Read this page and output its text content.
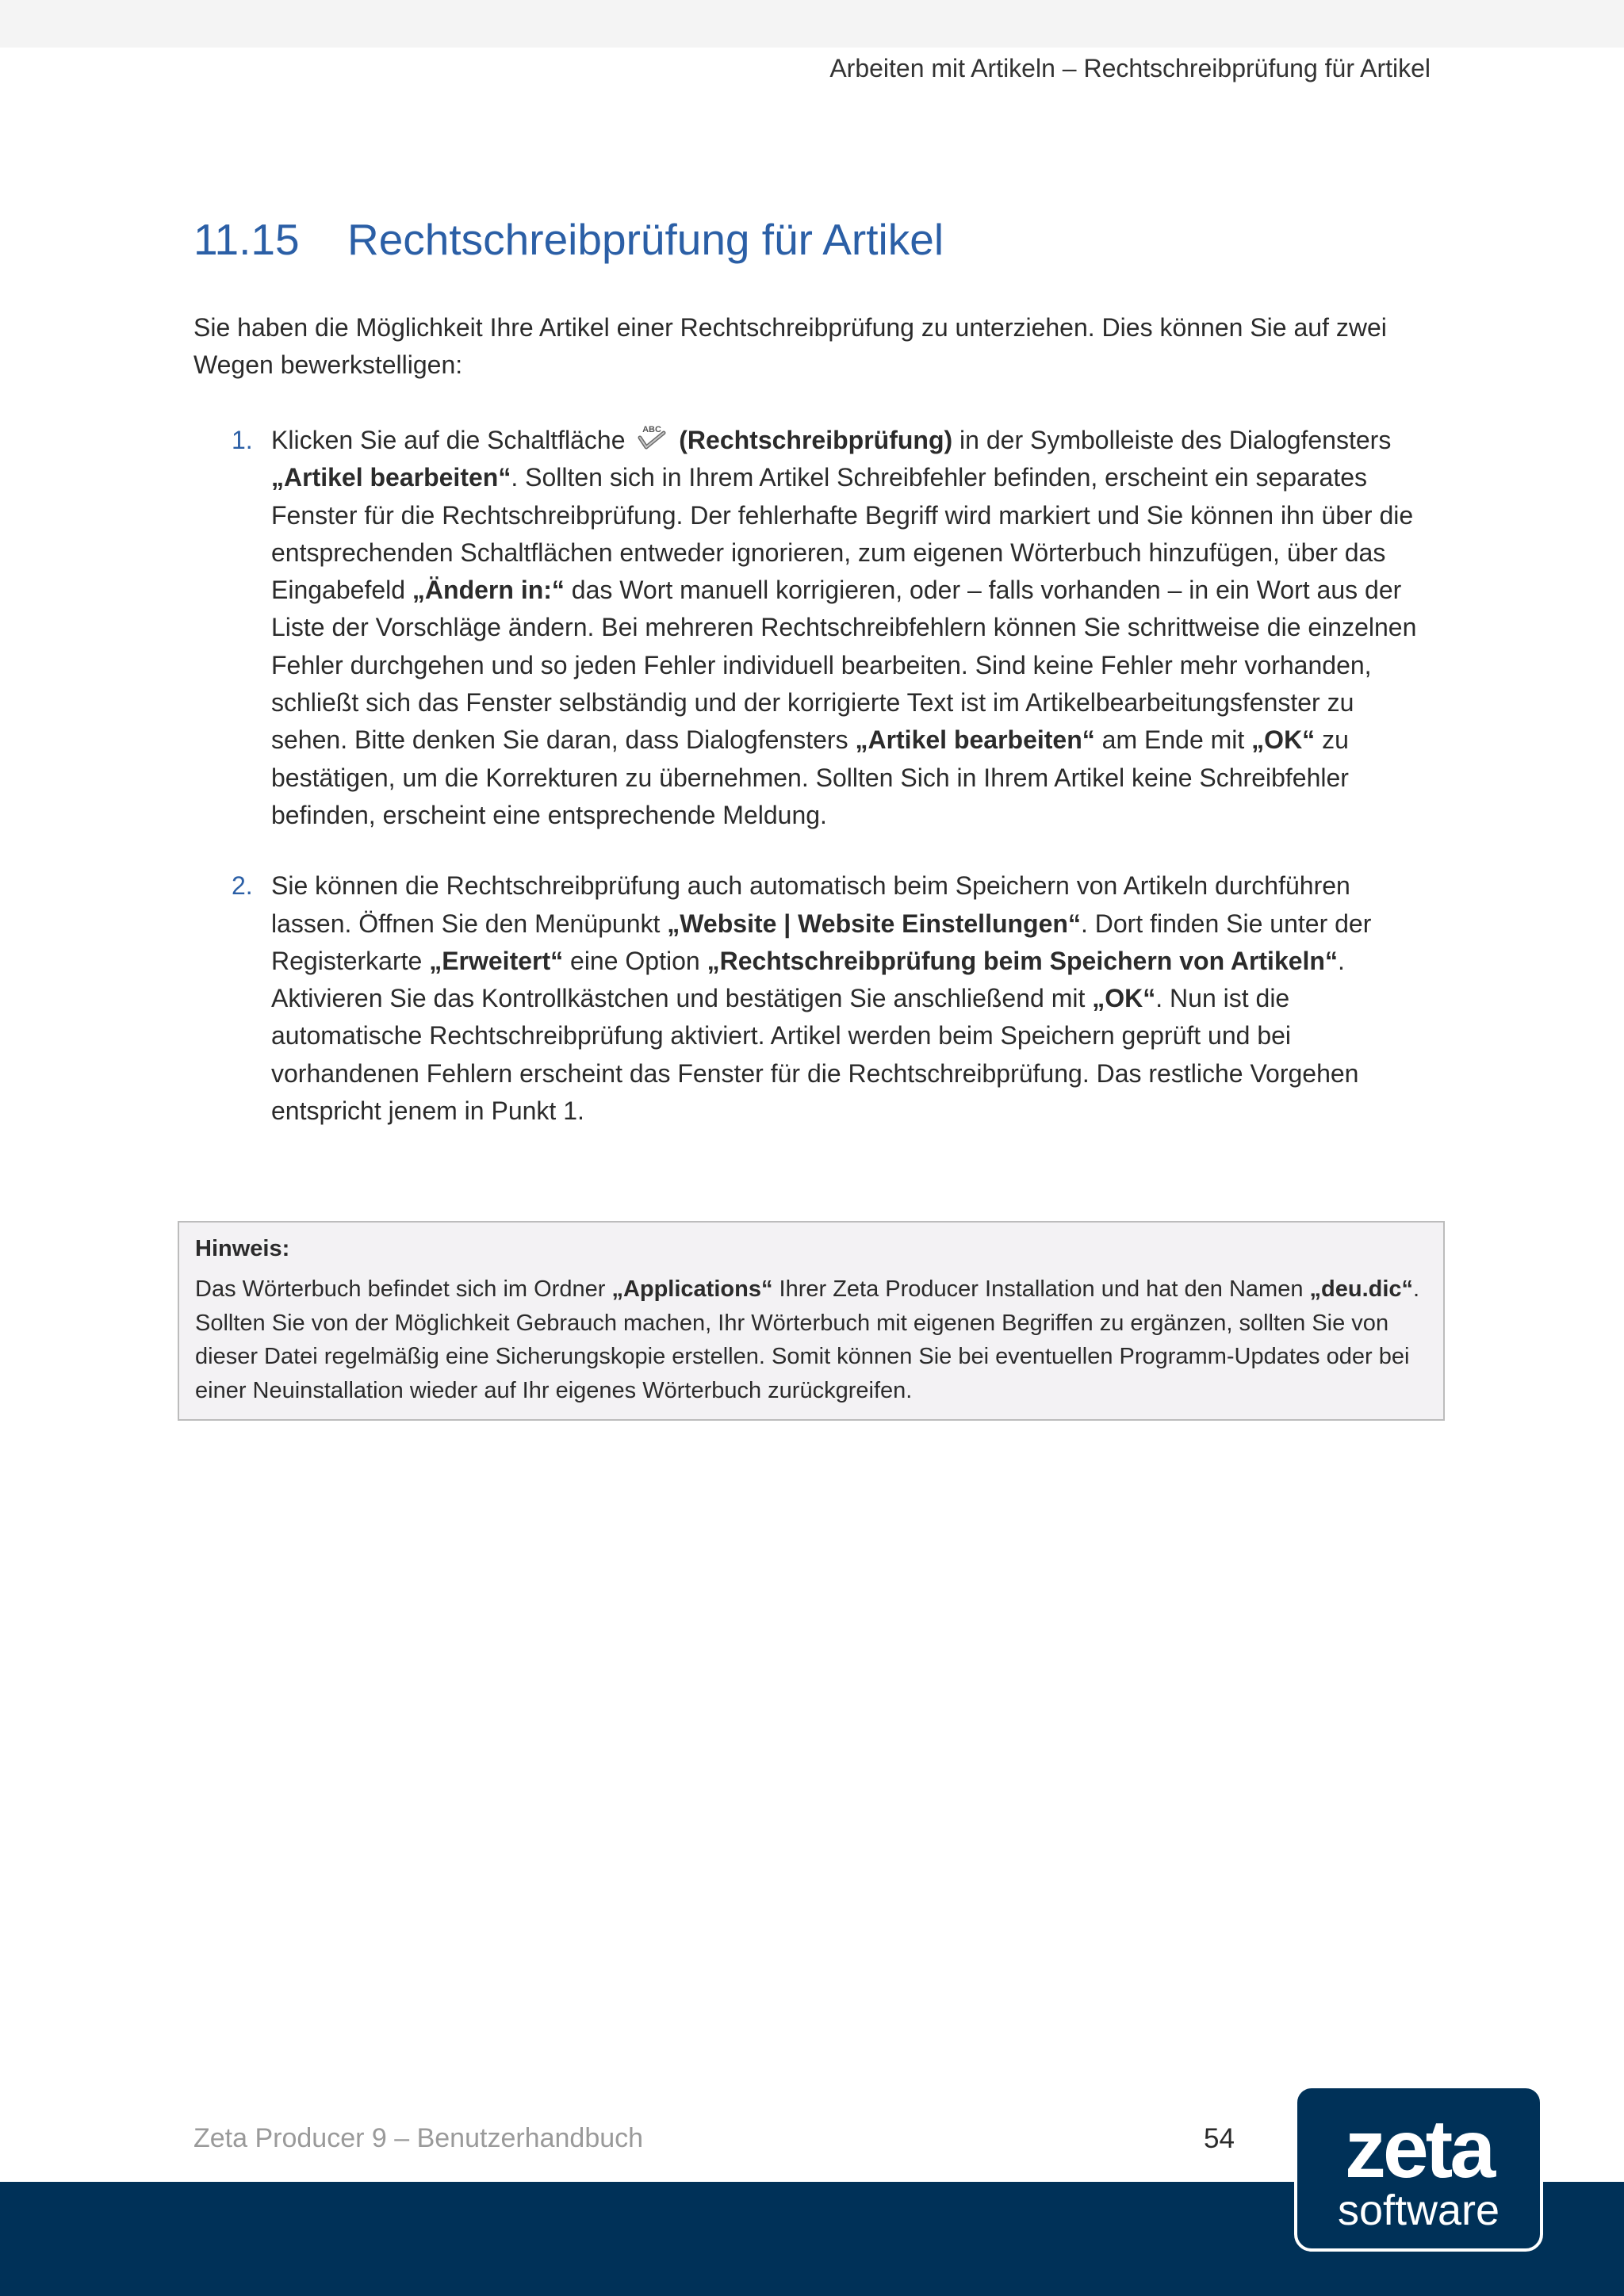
Arbeiten mit Artikeln – Rechtschreibprüfung für Artikel
11.15 Rechtschreibprüfung für Artikel

Sie haben die Möglichkeit Ihre Artikel einer Rechtschreibprüfung zu unterziehen. Dies können Sie auf zwei Wegen bewerkstelligen:

1. Klicken Sie auf die Schaltfläche ABC (Rechtschreibprüfung) in der Symbolleiste des Dialogfensters „Artikel bearbeiten“. Sollten sich in Ihrem Artikel Schreibfehler befinden, erscheint ein separates Fenster für die Rechtschreibprüfung. Der fehlerhafte Begriff wird markiert und Sie können ihn über die entsprechenden Schaltflächen entweder ignorieren, zum eigenen Wörterbuch hinzufügen, über das Eingabefeld „Ändern in:“ das Wort manuell korrigieren, oder – falls vorhanden – in ein Wort aus der Liste der Vorschläge ändern. Bei mehreren Rechtschreibfehlern können Sie schrittweise die einzelnen Fehler durchgehen und so jeden Fehler individuell bearbeiten. Sind keine Fehler mehr vorhanden, schließt sich das Fenster selbständig und der korrigierte Text ist im Artikelbearbeitungsfenster zu sehen. Bitte denken Sie daran, dass Dialogfensters „Artikel bearbeiten“ am Ende mit „OK“ zu bestätigen, um die Korrekturen zu übernehmen. Sollten Sich in Ihrem Artikel keine Schreibfehler befinden, erscheint eine entsprechende Meldung.
2. Sie können die Rechtschreibprüfung auch automatisch beim Speichern von Artikeln durchführen lassen. Öffnen Sie den Menüpunkt „Website | Website Einstellungen“. Dort finden Sie unter der Registerkarte „Erweitert“ eine Option „Rechtschreibprüfung beim Speichern von Artikeln“. Aktivieren Sie das Kontrollkästchen und bestätigen Sie anschließend mit „OK“. Nun ist die automatische Rechtschreibprüfung aktiviert. Artikel werden beim Speichern geprüft und bei vorhandenen Fehlern erscheint das Fenster für die Rechtschreibprüfung. Das restliche Vorgehen entspricht jenem in Punkt 1.
Hinweis:
Das Wörterbuch befindet sich im Ordner „Applications“ Ihrer Zeta Producer Installation und hat den Namen „deu.dic“. Sollten Sie von der Möglichkeit Gebrauch machen, Ihr Wörterbuch mit eigenen Begriffen zu ergänzen, sollten Sie von dieser Datei regelmäßig eine Sicherungskopie erstellen. Somit können Sie bei eventuellen Programm-Updates oder bei einer Neuinstallation wieder auf Ihr eigenes Wörterbuch zurückgreifen.
Zeta Producer 9 – Benutzerhandbuch	54 zeta
software
